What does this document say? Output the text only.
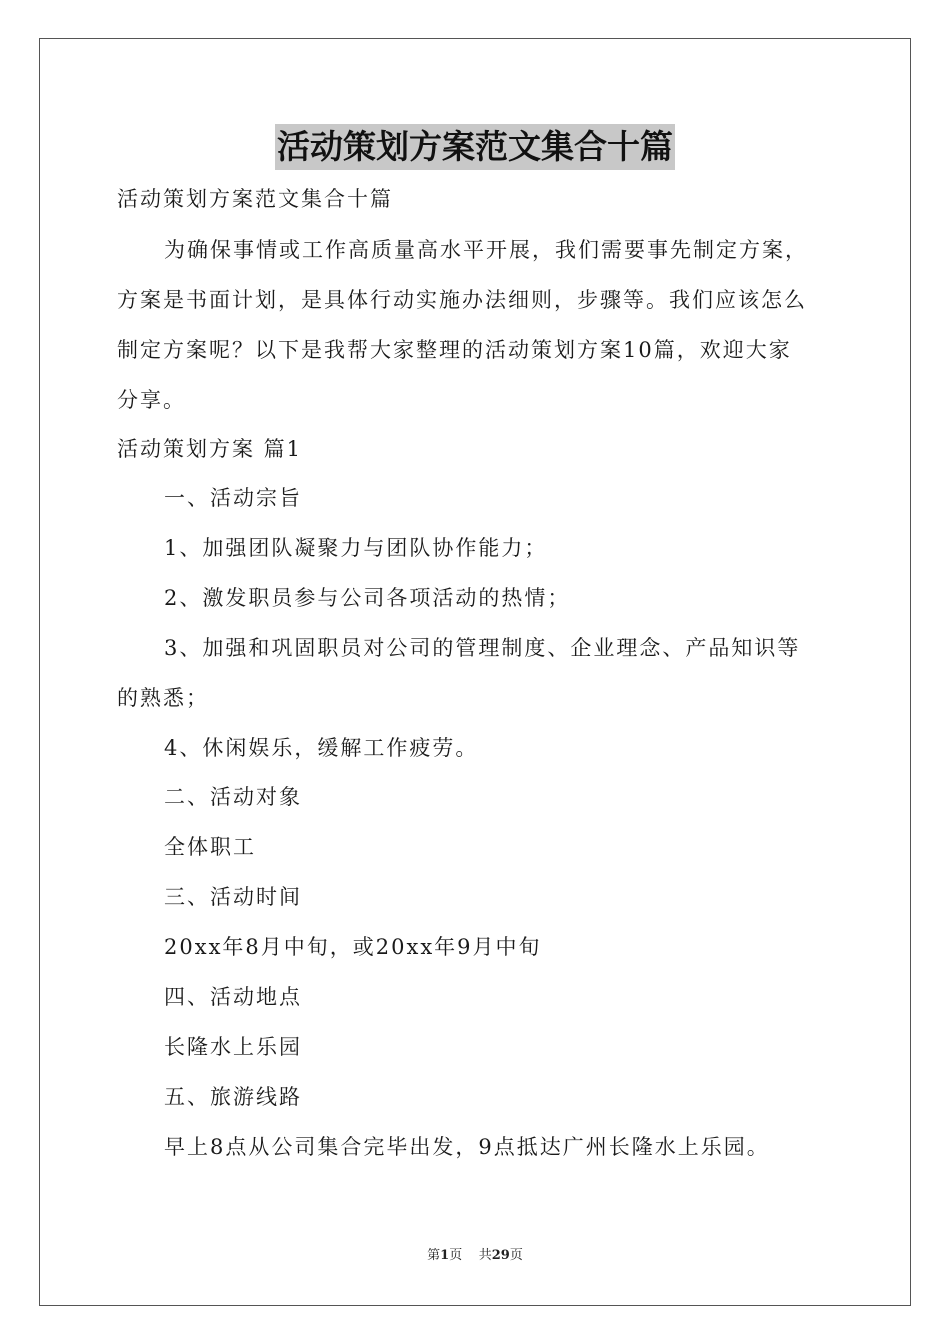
活动策划方案范文集合十篇
活动策划方案范文集合十篇
为确保事情或工作高质量高水平开展，我们需要事先制定方案，
方案是书面计划，是具体行动实施办法细则，步骤等。我们应该怎么
制定方案呢？以下是我帮大家整理的活动策划方案10篇，欢迎大家
分享。
活动策划方案 篇1
一、活动宗旨
1、加强团队凝聚力与团队协作能力；
2、激发职员参与公司各项活动的热情；
3、加强和巩固职员对公司的管理制度、企业理念、产品知识等
的熟悉；
4、休闲娱乐，缓解工作疲劳。
二、活动对象
全体职工
三、活动时间
20xx年8月中旬，或20xx年9月中旬
四、活动地点
长隆水上乐园
五、旅游线路
早上8点从公司集合完毕出发，9点抵达广州长隆水上乐园。
第1页    共29页
